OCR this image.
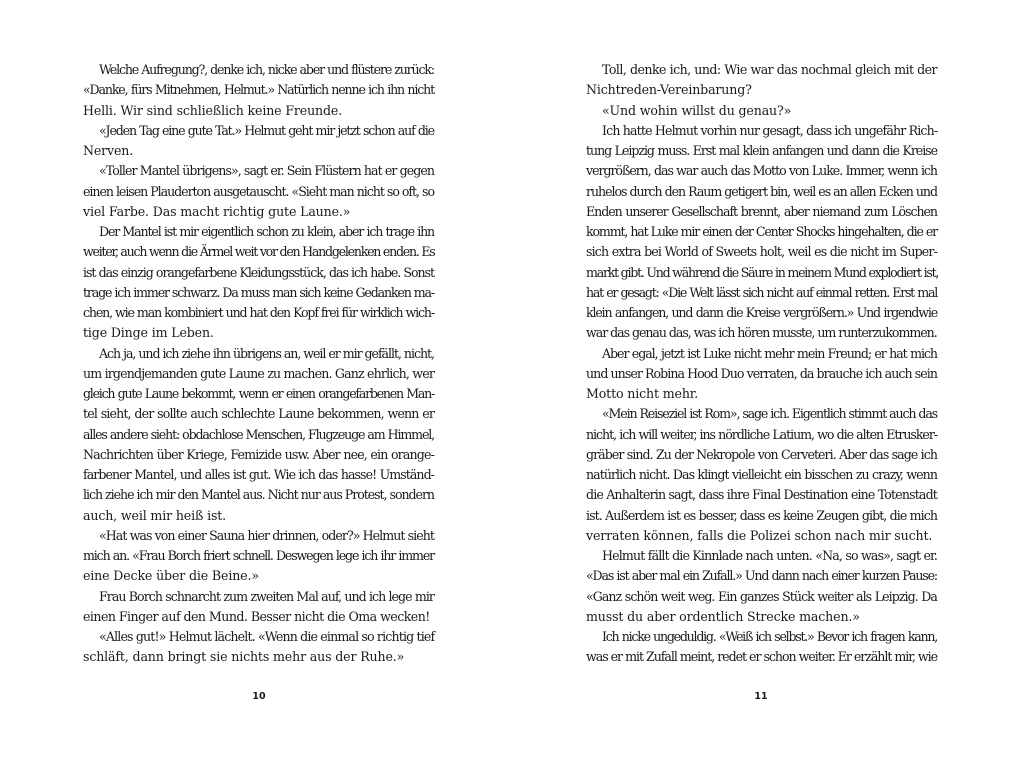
Welche Aufregung?, denke ich, nicke aber und flüstere zurück:
«Danke, fürs Mitnehmen, Helmut.» Natürlich nenne ich ihn nicht
Helli. Wir sind schließlich keine Freunde.
«Jeden Tag eine gute Tat.» Helmut geht mir jetzt schon auf die
Nerven.
«Toller Mantel übrigens», sagt er. Sein Flüstern hat er gegen
einen leisen Plauderton ausgetauscht. «Sieht man nicht so oft, so
viel Farbe. Das macht richtig gute Laune.»
Der Mantel ist mir eigentlich schon zu klein, aber ich trage ihn
weiter, auch wenn die Ärmel weit vor den Handgelenken enden. Es
ist das einzig orangefarbene Kleidungsstück, das ich habe. Sonst
trage ich immer schwarz. Da muss man sich keine Gedanken ma-
chen, wie man kombiniert und hat den Kopf frei für wirklich wich-
tige Dinge im Leben.
Ach ja, und ich ziehe ihn übrigens an, weil er mir gefällt, nicht,
um irgendjemanden gute Laune zu machen. Ganz ehrlich, wer
gleich gute Laune bekommt, wenn er einen orangefarbenen Man-
tel sieht, der sollte auch schlechte Laune bekommen, wenn er
alles andere sieht: obdachlose Menschen, Flugzeuge am Himmel,
Nachrichten über Kriege, Femizide usw. Aber nee, ein orange-
farbener Mantel, und alles ist gut. Wie ich das hasse! Umständ-
lich ziehe ich mir den Mantel aus. Nicht nur aus Protest, sondern
auch, weil mir heiß ist.
«Hat was von einer Sauna hier drinnen, oder?» Helmut sieht
mich an. «Frau Borch friert schnell. Deswegen lege ich ihr immer
eine Decke über die Beine.»
Frau Borch schnarcht zum zweiten Mal auf, und ich lege mir
einen Finger auf den Mund. Besser nicht die Oma wecken!
«Alles gut!» Helmut lächelt. «Wenn die einmal so richtig tief
schläft, dann bringt sie nichts mehr aus der Ruhe.»
Toll, denke ich, und: Wie war das nochmal gleich mit der
Nichtreden-Vereinbarung?
«Und wohin willst du genau?»
Ich hatte Helmut vorhin nur gesagt, dass ich ungefähr Rich-
tung Leipzig muss. Erst mal klein anfangen und dann die Kreise
vergrößern, das war auch das Motto von Luke. Immer, wenn ich
ruhelos durch den Raum getigert bin, weil es an allen Ecken und
Enden unserer Gesellschaft brennt, aber niemand zum Löschen
kommt, hat Luke mir einen der Center Shocks hingehalten, die er
sich extra bei World of Sweets holt, weil es die nicht im Super-
markt gibt. Und während die Säure in meinem Mund explodiert ist,
hat er gesagt: «Die Welt lässt sich nicht auf einmal retten. Erst mal
klein anfangen, und dann die Kreise vergrößern.» Und irgendwie
war das genau das, was ich hören musste, um runterzukommen.
Aber egal, jetzt ist Luke nicht mehr mein Freund; er hat mich
und unser Robina Hood Duo verraten, da brauche ich auch sein
Motto nicht mehr.
«Mein Reiseziel ist Rom», sage ich. Eigentlich stimmt auch das
nicht, ich will weiter, ins nördliche Latium, wo die alten Etrusker-
gräber sind. Zu der Nekropole von Cerveteri. Aber das sage ich
natürlich nicht. Das klingt vielleicht ein bisschen zu crazy, wenn
die Anhalterin sagt, dass ihre Final Destination eine Totenstadt
ist. Außerdem ist es besser, dass es keine Zeugen gibt, die mich
verraten können, falls die Polizei schon nach mir sucht.
Helmut fällt die Kinnlade nach unten. «Na, so was», sagt er.
«Das ist aber mal ein Zufall.» Und dann nach einer kurzen Pause:
«Ganz schön weit weg. Ein ganzes Stück weiter als Leipzig. Da
musst du aber ordentlich Strecke machen.»
Ich nicke ungeduldig. «Weiß ich selbst.» Bevor ich fragen kann,
was er mit Zufall meint, redet er schon weiter. Er erzählt mir, wie
10	11
